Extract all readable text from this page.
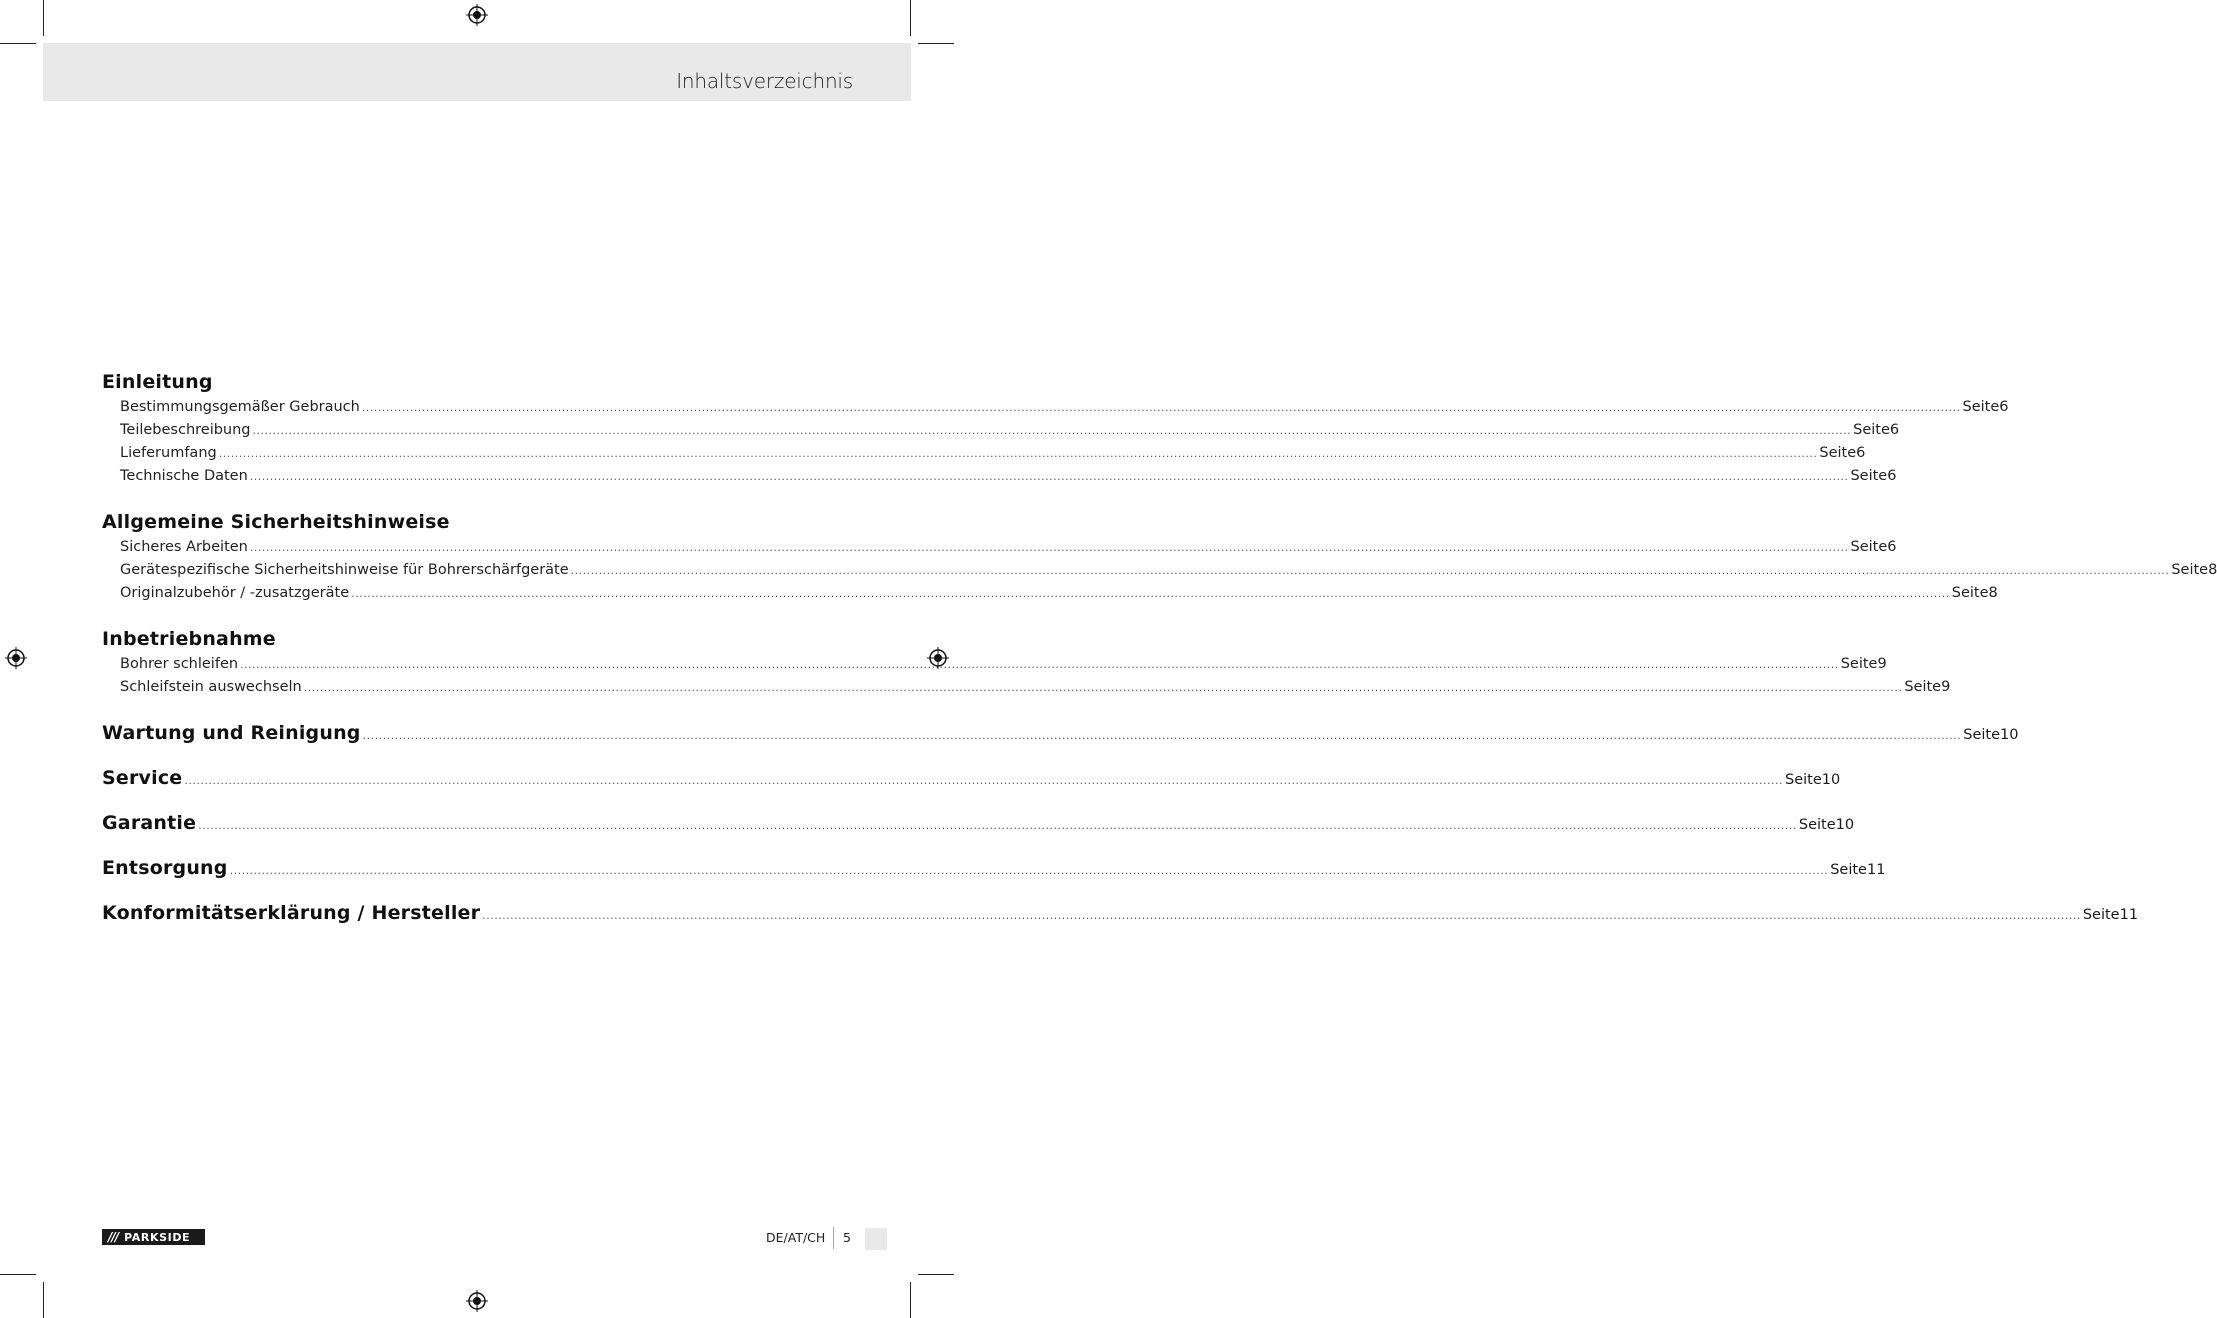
Inhaltsverzeichnis
Einleitung
Bestimmungsgemäßer Gebrauch ................................................................................................................................................................................................................................................................................................................................................................................................................ Seite 6
Teilebeschreibung ................................................................................................................................................................................................................................................................................................................................................................................................................ Seite 6
Lieferumfang ................................................................................................................................................................................................................................................................................................................................................................................................................ Seite 6
Technische Daten ................................................................................................................................................................................................................................................................................................................................................................................................................ Seite 6
Allgemeine Sicherheitshinweise
Sicheres Arbeiten ................................................................................................................................................................................................................................................................................................................................................................................................................ Seite 6
Gerätespezifische Sicherheitshinweise für Bohrerschärfgeräte ................................................................................................................................................................................................................................................................................................................................................................................................................ Seite 8
Originalzubehör / -zusatzgeräte ................................................................................................................................................................................................................................................................................................................................................................................................................ Seite 8
Inbetriebnahme
Bohrer schleifen ................................................................................................................................................................................................................................................................................................................................................................................................................ Seite 9
Schleifstein auswechseln ................................................................................................................................................................................................................................................................................................................................................................................................................ Seite 9
Wartung und Reinigung ................................................................................................................................................................................................................................................................................................................................................................................................................ Seite 10
Service ................................................................................................................................................................................................................................................................................................................................................................................................................ Seite 10
Garantie ................................................................................................................................................................................................................................................................................................................................................................................................................ Seite 10
Entsorgung ................................................................................................................................................................................................................................................................................................................................................................................................................ Seite 11
Konformitätserklärung / Hersteller ................................................................................................................................................................................................................................................................................................................................................................................................................ Seite 11
/// PARKSIDE	DE/AT/CH 5
